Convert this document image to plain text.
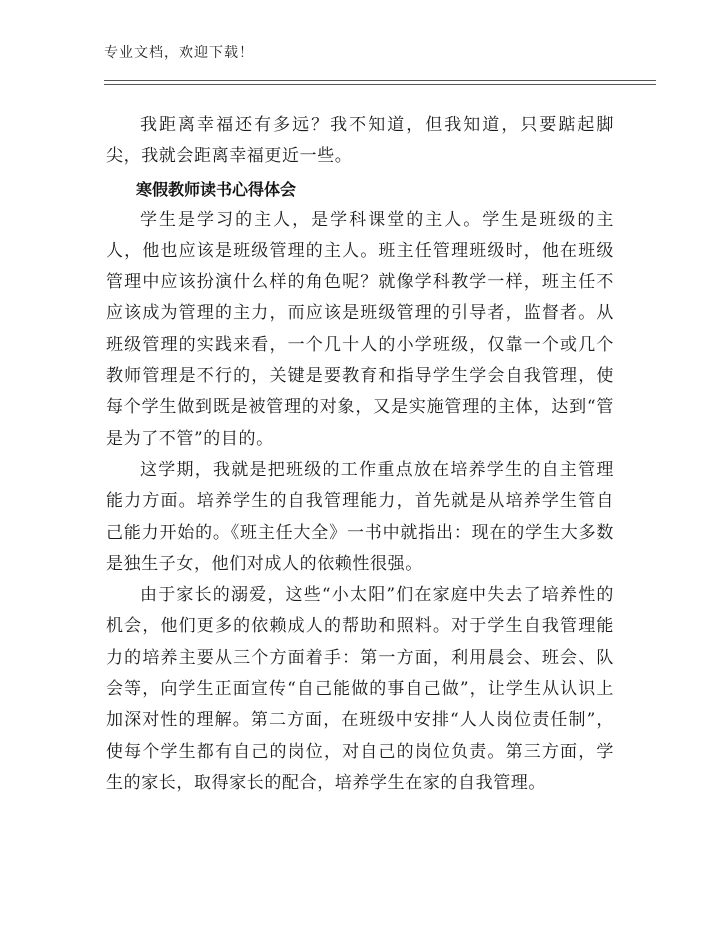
专业文档，欢迎下载！

我距离幸福还有多远？我不知道，但我知道，只要踮起脚尖，我就会距离幸福更近一些。

寒假教师读书心得体会

学生是学习的主人，是学科课堂的主人。学生是班级的主人，他也应该是班级管理的主人。班主任管理班级时，他在班级管理中应该扮演什么样的角色呢？就像学科教学一样，班主任不应该成为管理的主力，而应该是班级管理的引导者，监督者。从班级管理的实践来看，一个几十人的小学班级，仅靠一个或几个教师管理是不行的，关键是要教育和指导学生学会自我管理，使每个学生做到既是被管理的对象，又是实施管理的主体，达到“管是为了不管”的目的。

这学期，我就是把班级的工作重点放在培养学生的自主管理能力方面。培养学生的自我管理能力，首先就是从培养学生管自己能力开始的。《班主任大全》一书中就指出：现在的学生大多数是独生子女，他们对成人的依赖性很强。

由于家长的溺爱，这些“小太阳”们在家庭中失去了培养性的机会，他们更多的依赖成人的帮助和照料。对于学生自我管理能力的培养主要从三个方面着手：第一方面，利用晨会、班会、队会等，向学生正面宣传“自己能做的事自己做”，让学生从认识上加深对性的理解。第二方面，在班级中安排“人人岗位责任制”，使每个学生都有自己的岗位，对自己的岗位负责。第三方面，学生的家长，取得家长的配合，培养学生在家的自我管理。
